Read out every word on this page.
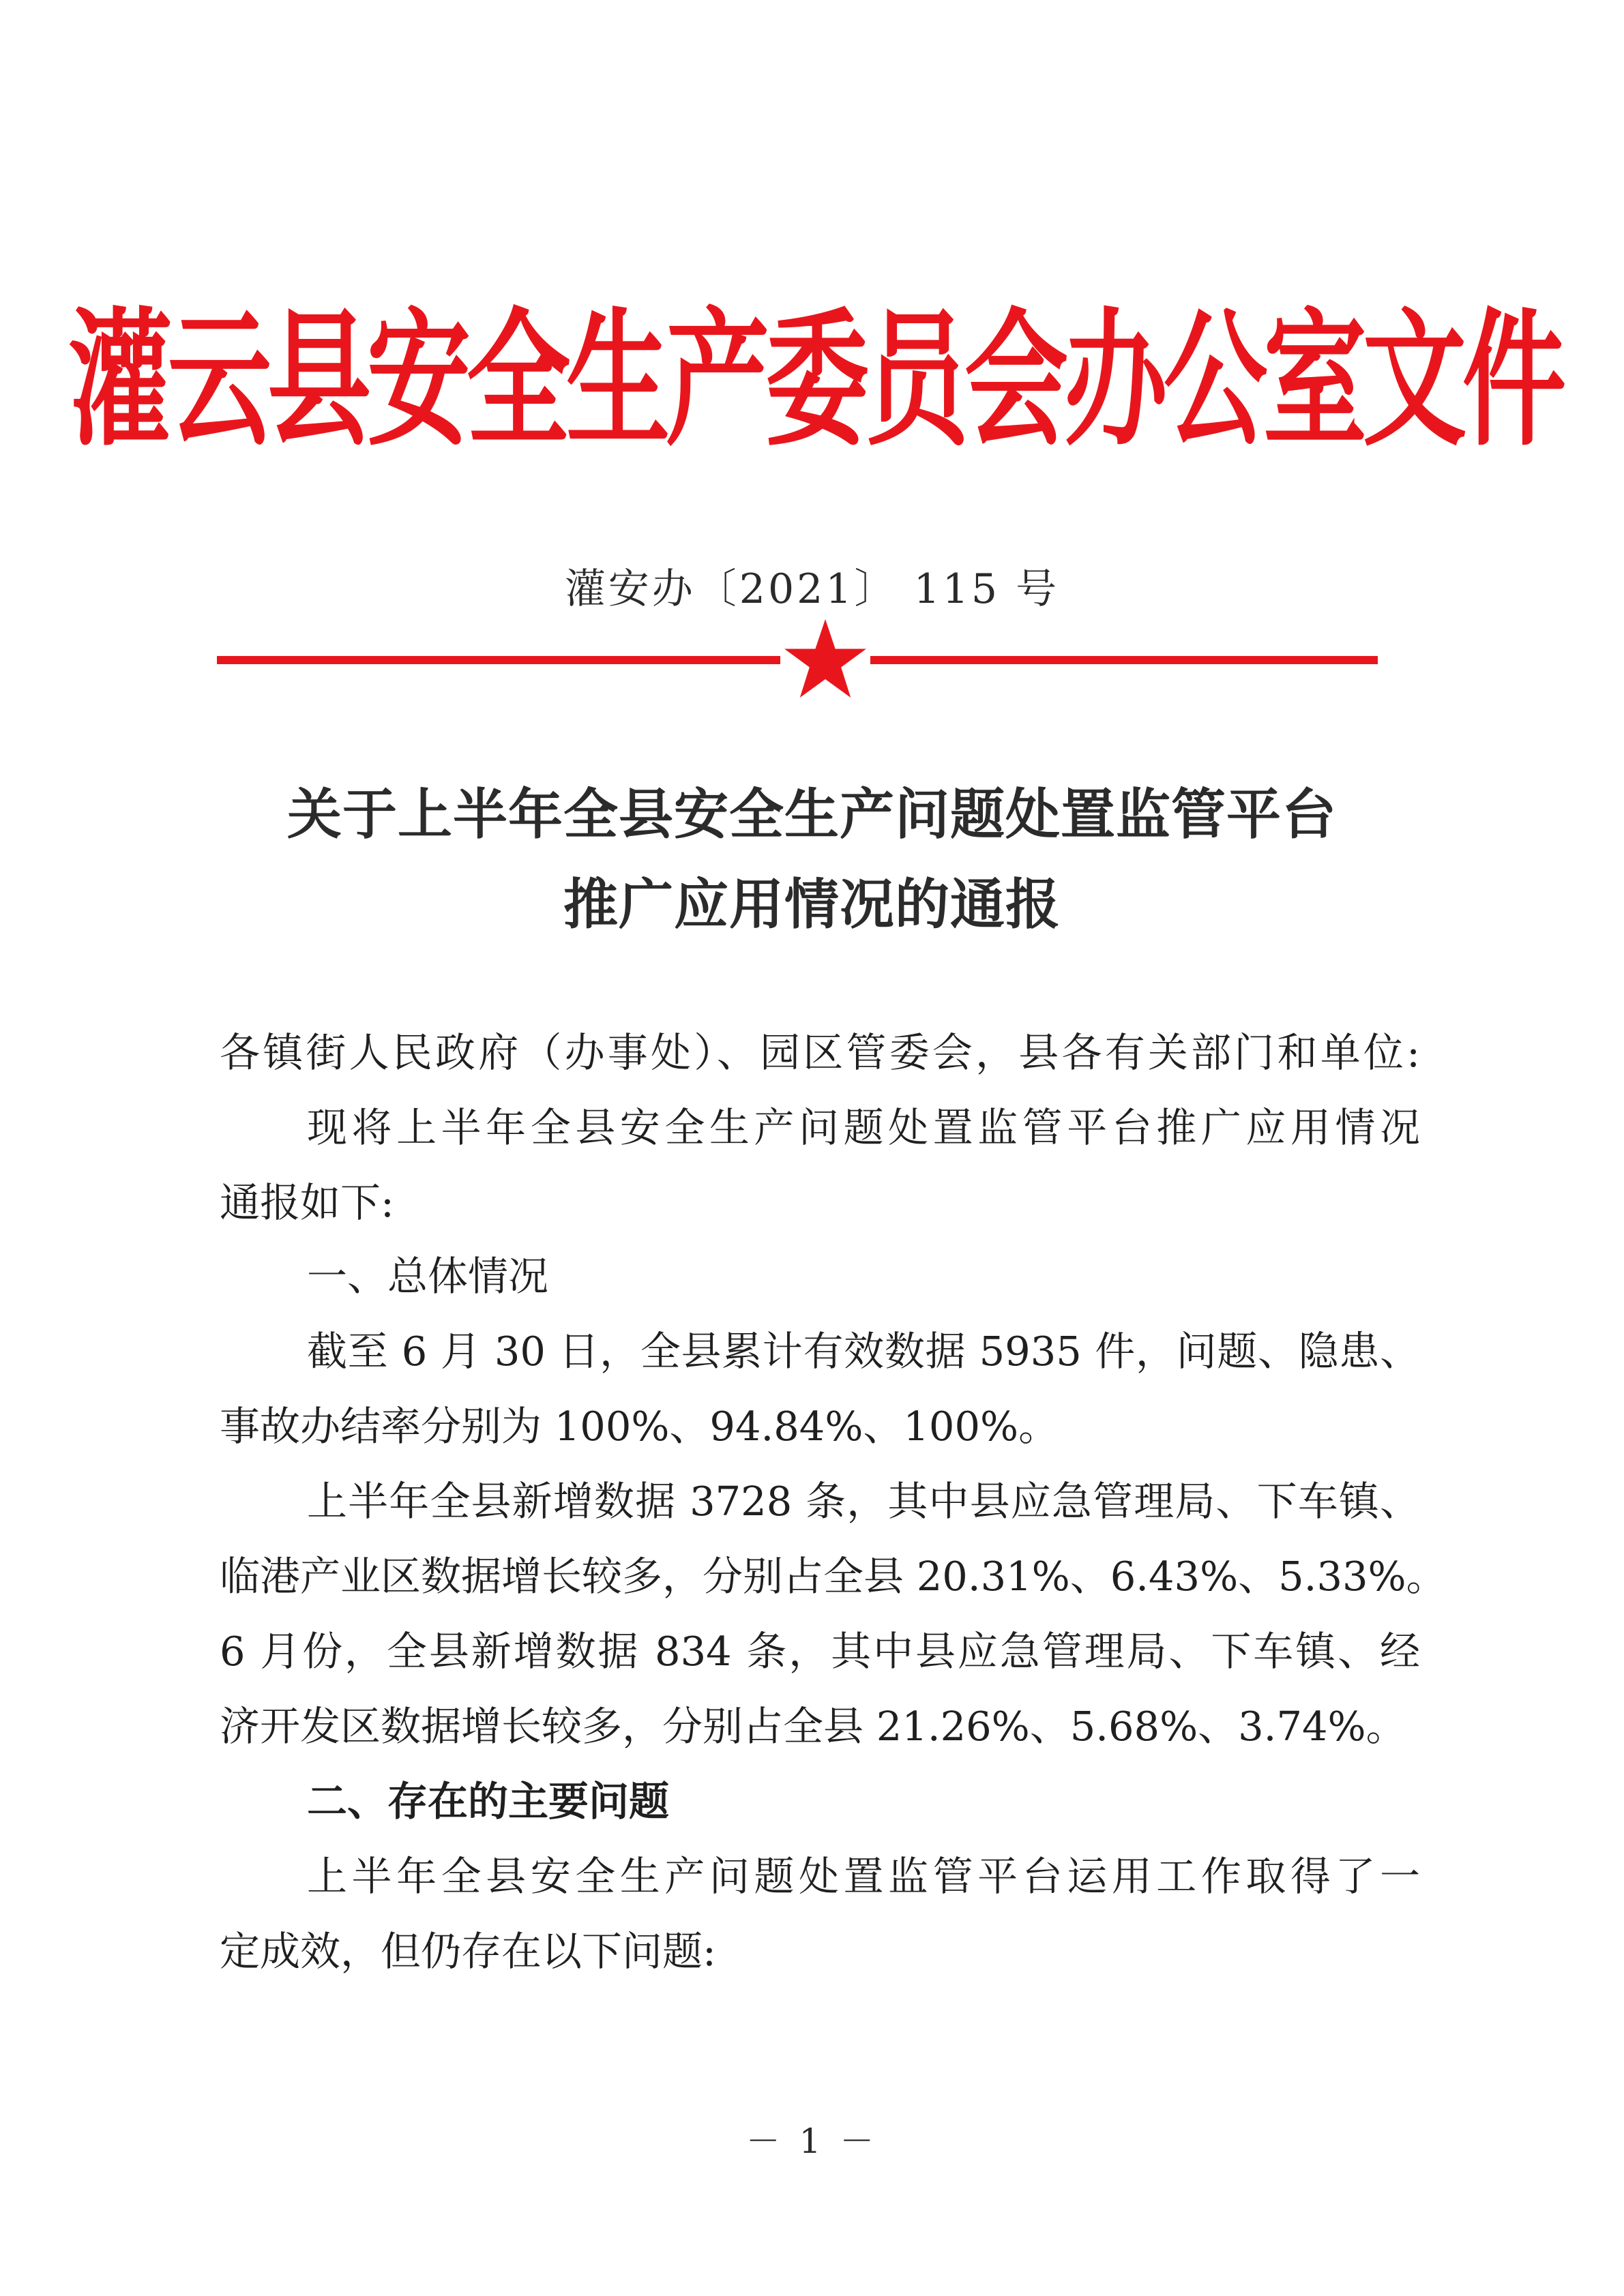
灌云县安全生产委员会办公室文件
灌安办〔2021〕 115 号
关于上半年全县安全生产问题处置监管平台
推广应用情况的通报
各镇街人民政府（办事处）、园区管委会，县各有关部门和单位:
现将上半年全县安全生产问题处置监管平台推广应用情况
通报如下:
一、总体情况
截至 6 月 30 日，全县累计有效数据 5935 件，问题、隐患、
事故办结率分别为 100%、94.84%、100%。
上半年全县新增数据 3728 条，其中县应急管理局、下车镇、
临港产业区数据增长较多，分别占全县 20.31%、6.43%、5.33%。
6 月份，全县新增数据 834 条，其中县应急管理局、下车镇、经
济开发区数据增长较多，分别占全县 21.26%、5.68%、3.74%。
二、存在的主要问题
上半年全县安全生产问题处置监管平台运用工作取得了一
定成效，但仍存在以下问题:
－ 1 －
